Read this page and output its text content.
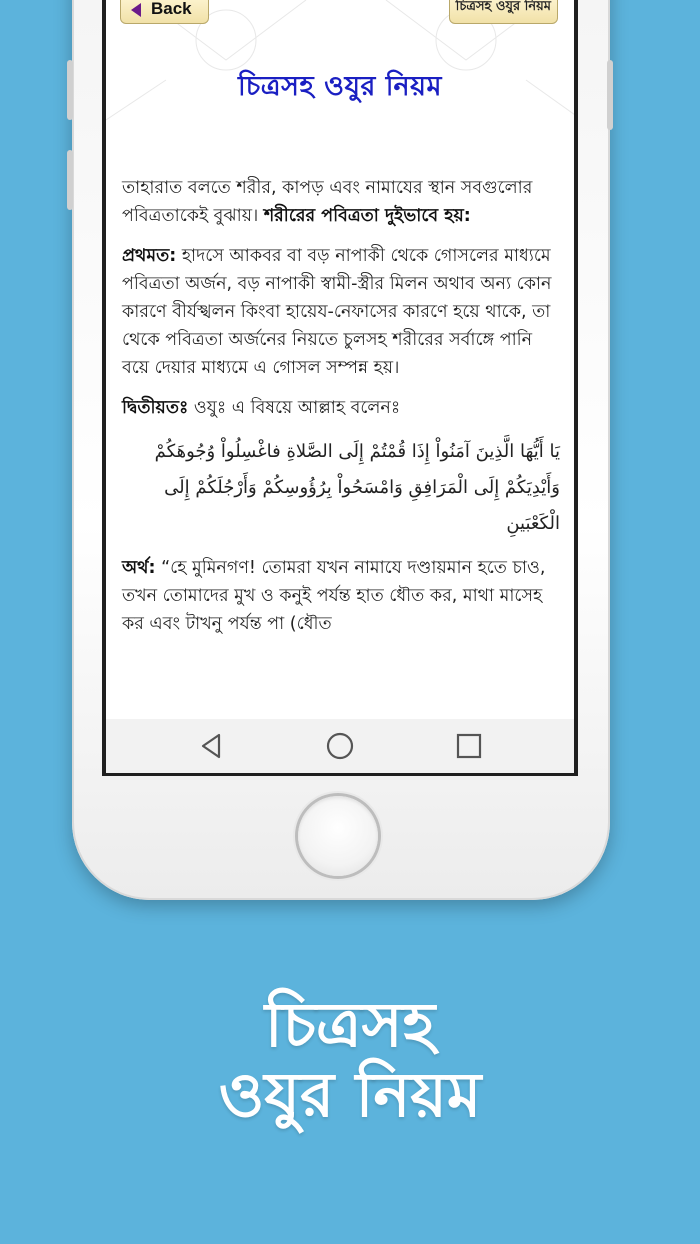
Back	চিত্রসহ ওযুর নিয়ম
চিত্রসহ ওযুর নিয়ম

তাহারাত বলতে শরীর, কাপড় এবং নামাযের স্থান সবগুলোর পবিত্রতাকেই বুঝায়। শরীরের পবিত্রতা দুইভাবে হয়:

প্রথমত: হাদসে আকবর বা বড় নাপাকী থেকে গোসলের মাধ্যমে পবিত্রতা অর্জন, বড় নাপাকী স্বামী-স্ত্রীর মিলন অথাব অন্য কোন কারণে বীর্যস্খলন কিংবা হায়েয-নেফাসের কারণে হয়ে থাকে, তা থেকে পবিত্রতা অর্জনের নিয়তে চুলসহ শরীরের সর্বাঙ্গে পানি বয়ে দেয়ার মাধ্যমে এ গোসল সম্পন্ন হয়।

দ্বিতীয়তঃ ওযুঃ এ বিষয়ে আল্লাহ বলেনঃ

يَا أَيُّهَا الَّذِينَ آمَنُواْ إِذَا قُمْتُمْ إِلَى الصَّلاةِ فاغْسِلُواْ وُجُوهَكُمْ وَأَيْدِيَكُمْ إِلَى الْمَرَافِقِ وَامْسَحُواْ بِرُؤُوسِكُمْ وَأَرْجُلَكُمْ إِلَى الْكَعْبَينِ

অর্থ: “হে মুমিনগণ! তোমরা যখন নামাযে দণ্ডায়মান হতে চাও, তখন তোমাদের মুখ ও কনুই পর্যন্ত হাত ধৌত কর, মাথা মাসেহ কর এবং টাখনু পর্যন্ত পা (ধৌত

চিত্রসহ
ওযুর নিয়ম
